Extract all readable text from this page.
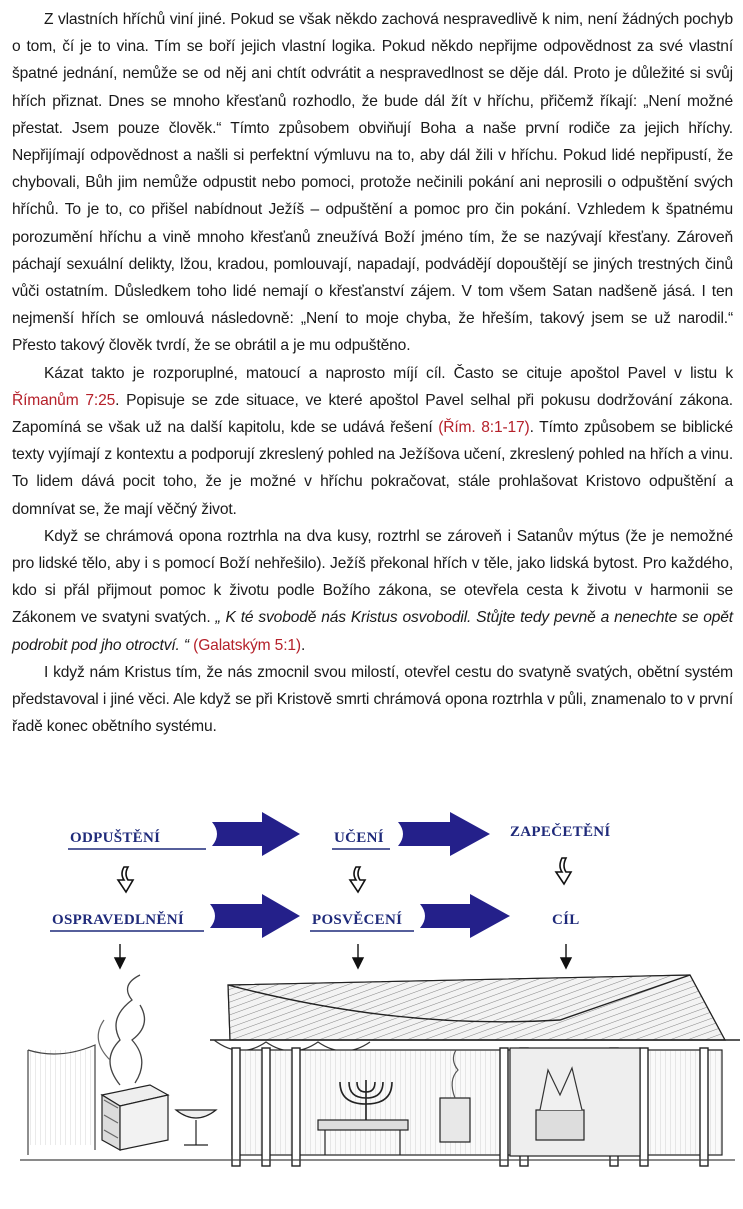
Z vlastních hříchů viní jiné. Pokud se však někdo zachová nespravedlivě k nim, není žádných pochyb o tom, čí je to vina. Tím se boří jejich vlastní logika. Pokud někdo nepřijme odpovědnost za své vlastní špatné jednání, nemůže se od něj ani chtít odvrátit a nespravedlnost se děje dál. Proto je důležité si svůj hřích přiznat. Dnes se mnoho křesťanů rozhodlo, že bude dál žít v hříchu, přičemž říkají: „Není možné přestat. Jsem pouze člověk.“ Tímto způsobem obviňují Boha a naše první rodiče za jejich hříchy. Nepřijímají odpovědnost a našli si perfektní výmluvu na to, aby dál žili v hříchu. Pokud lidé nepřipustí, že chybovali, Bůh jim nemůže odpustit nebo pomoci, protože nečinili pokání ani neprosili o odpuštění svých hříchů. To je to, co přišel nabídnout Ježíš – odpuštění a pomoc pro čin pokání. Vzhledem k špatnému porozumění hříchu a vině mnoho křesťanů zneužívá Boží jméno tím, že se nazývají křesťany. Zároveň páchají sexuální delikty, lžou, kradou, pomlouvají, napadají, podvádějí dopouštějí se jiných trestných činů vůči ostatním. Důsledkem toho lidé nemají o křesťanství zájem. V tom všem Satan nadšeně jásá. I ten nejmenší hřích se omlouvá následovně: „Není to moje chyba, že hřeším, takový jsem se už narodil.“ Přesto takový člověk tvrdí, že se obrátil a je mu odpuštěno.

Kázat takto je rozporuplné, matoucí a naprosto míjí cíl. Často se cituje apoštol Pavel v listu k Římanům 7:25. Popisuje se zde situace, ve které apoštol Pavel selhal při pokusu dodržování zákona. Zapomíná se však už na další kapitolu, kde se udává řešení (Řím. 8:1-17). Tímto způsobem se biblické texty vyjímají z kontextu a podporují zkreslený pohled na Ježíšova učení, zkreslený pohled na hřích a vinu. To lidem dává pocit toho, že je možné v hříchu pokračovat, stále prohlašovat Kristovo odpuštění a domnívat se, že mají věčný život.

Když se chrámová opona roztrhla na dva kusy, roztrhl se zároveň i Satanův mýtus (že je nemožné pro lidské tělo, aby i s pomocí Boží nehřešilo). Ježíš překonal hřích v těle, jako lidská bytost. Pro každého, kdo si přál přijmout pomoc k životu podle Božího zákona, se otevřela cesta k životu v harmonii se Zákonem ve svatyni svatých. „ K té svobodě nás Kristus osvobodil. Stůjte tedy pevně a nenechte se opět podrobit pod jho otroctví. “ (Galatským 5:1).

I když nám Kristus tím, že nás zmocnil svou milostí, otevřel cestu do svatyně svatých, obětní systém představoval i jiné věci. Ale když se při Kristově smrti chrámová opona roztrhla v půli, znamenalo to v první řadě konec obětního systému.

ODPUŠTĚNÍ	UČENÍ	ZAPEČETĚNÍ
OSPRAVEDLNĚNÍ	POSVĚCENÍ	CÍL
